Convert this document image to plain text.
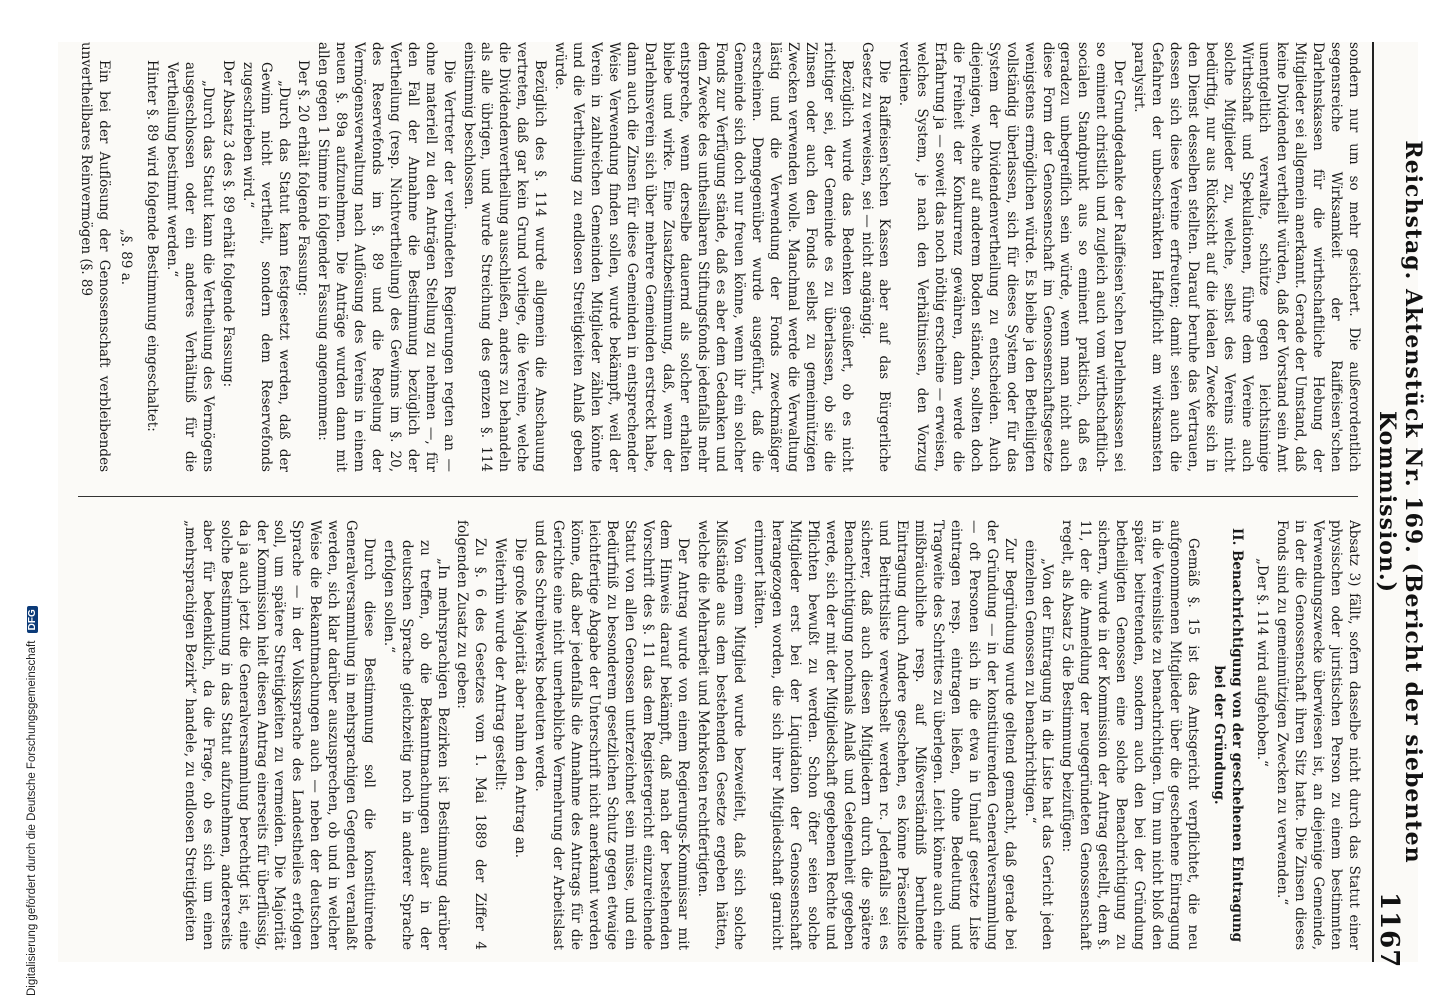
Digitalisierung gefördert durch die Deutsche Forschungsgemeinschaft DFG	Reichstag. Aktenstück Nr. 169. (Bericht der siebenten Kommission.)
1167

sondern nur um so mehr gesichert. Die außerordentlich segensreiche Wirksamkeit der Raiffeisen'schen Darlehnskassen für die wirthschaftliche Hebung der Mitglieder sei allgemein anerkannt. Gerade der Umstand, daß keine Dividenden vertheilt würden, daß der Vorstand sein Amt unentgeltlich verwalte, schütze gegen leichtsinnige Wirthschaft und Spekulationen, führe dem Vereine auch solche Mitglieder zu, welche, selbst des Vereins nicht bedürftig, nur aus Rücksicht auf die idealen Zwecke sich in den Dienst desselben stellten. Darauf beruhe das Vertrauen, dessen sich diese Vereine erfreuten; damit seien auch die Gefahren der unbeschränkten Haftpflicht am wirksamsten paralysirt.

Der Grundgedanke der Raiffeisen'schen Darlehnskassen sei so eminent christlich und zugleich auch vom wirthschaftlich-socialen Standpunkt aus so eminent praktisch, daß es geradezu unbegreiflich sein würde, wenn man nicht auch diese Form der Genossenschaft im Genossenschaftsgesetze wenigstens ermöglichen würde. Es bleibe ja den Betheiligten vollständig überlassen, sich für dieses System oder für das System der Dividendenvertheilung zu entscheiden. Auch diejenigen, welche auf anderem Boden ständen, sollten doch die Freiheit der Konkurrenz gewähren, dann werde die Erfahrung ja — soweit das noch nöthig erscheine — erweisen, welches System, je nach den Verhältnissen, den Vorzug verdiene.

Die Raiffeisen'schen Kassen aber auf das Bürgerliche Gesetz zu verweisen, sei — nicht angängig.

Bezüglich wurde das Bedenken geäußert, ob es nicht richtiger sei, der Gemeinde es zu überlassen, ob sie die Zinsen oder auch den Fonds selbst zu gemeinnützigen Zwecken verwenden wolle. Manchmal werde die Verwaltung lästig und die Verwendung der Fonds zweckmäßiger erscheinen. Demgegenüber wurde ausgeführt, daß die Gemeinde sich doch nur freuen könne, wenn ihr ein solcher Fonds zur Verfügung stände, daß es aber dem Gedanken und dem Zwecke des unthesilbaren Stiftungsfonds jedenfalls mehr entspreche, wenn derselbe dauernd als solcher erhalten bliebe und wirke. Eine Zusatzbestimmung, daß, wenn der Darlehnsverein sich über mehrere Gemeinden erstreckt habe, dann auch die Zinsen für diese Gemeinden in entsprechender Weise Verwendung finden sollen, wurde bekämpft, weil der Verein in zahlreichen Gemeinden Mitglieder zählen könnte und die Vertheilung zu endlosen Streitigkeiten Anlaß geben würde.

Bezüglich des §. 114 wurde allgemein die Anschauung vertreten, daß gar kein Grund vorliege, die Vereine, welche die Dividendenvertheilung ausschließen, anders zu behandeln als alle übrigen, und wurde Streichung des genzen §. 114 einstimmig beschlossen.

Die Vertreter der verbündeten Regierungen regten an — ohne materiell zu den Anträgen Stellung zu nehmen —, für den Fall der Annahme die Bestimmung bezüglich der Vertheilung (resp. Nichtvertheilung) des Gewinns im §. 20, des Reservefonds im §. 89 und die Regelung der Vermögensverwaltung nach Auflösung des Vereins in einem neuen §. 89a aufzunehmen. Die Anträge wurden dann mit allen gegen 1 Stimme in folgender Fassung angenommen:

Der §. 20 erhält folgende Fassung:

„Durch das Statut kann festgesetzt werden, daß der Gewinn nicht vertheilt, sondern dem Reservefonds zugeschrieben wird.“

Der Absatz 3 des §. 89 erhält folgende Fassung:

„Durch das Statut kann die Vertheilung des Vermögens ausgeschlossen oder ein anderes Verhältniß für die Vertheilung bestimmt werden.“

Hinter §. 89 wird folgende Bestimmung eingeschaltet:

„§. 89 a.

Ein bei der Auflösung der Genossenschaft verbleibendes unvertheilbares Reinvermögen (§. 89

Absatz 3) fällt, sofern dasselbe nicht durch das Statut einer physischen oder juristischen Person zu einem bestimmten Verwendungszwecke überwiesen ist, an diejenige Gemeinde, in der die Genossenschaft ihren Sitz hatte. Die Zinsen dieses Fonds sind zu gemeinnützigen Zwecken zu verwenden.“

„Der §. 114 wird aufgehoben.“

II. Benachrichtigung von der geschehenen Eintragung bei der Gründung.

Gemäß §. 15 ist das Amtsgericht verpflichtet, die neu aufgenommenen Mitglieder über die geschehene Eintragung in die Vereinsliste zu benachrichtigen. Um nun nicht bloß den später beitretenden, sondern auch den bei der Gründung betheiligten Genossen eine solche Benachrichtigung zu sichern, wurde in der Kommission der Antrag gestellt, dem §. 11, der die Anmeldung der neugegründeten Genossenschaft regelt, als Absatz 5 die Bestimmung beizufügen:

„Von der Eintragung in die Liste hat das Gericht jeden einzelnen Genossen zu benachrichtigen.“

Zur Begründung wurde geltend gemacht, daß gerade bei der Gründung — in der konstituirenden Generalversammlung — oft Personen sich in die etwa in Umlauf gesetzte Liste eintragen resp. eintragen ließen, ohne Bedeutung und Tragweite des Schrittes zu überlegen. Leicht könne auch eine mißbräuchliche resp. auf Mißverständniß beruhende Eintragung durch Andere geschehen, es könne Präsenzliste und Beitrittsliste verwechselt werden rc. Jedenfalls sei es sicherer, daß auch diesen Mitgliedern durch die spätere Benachrichtigung nochmals Anlaß und Gelegenheit gegeben werde, sich der mit der Mitgliedschaft gegebenen Rechte und Pflichten bewußt zu werden. Schon öfter seien solche Mitglieder erst bei der Liquidation der Genossenschaft herangezogen worden, die sich ihrer Mitgliedschaft garnicht erinnert hätten.

Von einem Mitglied wurde bezweifelt, daß sich solche Mißstände aus dem bestehenden Gesetze ergeben hätten, welche die Mehrarbeit und Mehrkosten rechtfertigten.

Der Antrag wurde von einem Regierungs-Kommissar mit dem Hinweis darauf bekämpft, daß nach der bestehenden Vorschrift des §. 11 das dem Registergericht einzureichende Statut von allen Genossen unterzeichnet sein müsse, und ein Bedürfniß zu besonderem gesetzlichen Schutz gegen etwaige leichtfertige Abgabe der Unterschrift nicht anerkannt werden könne, daß aber jedenfalls die Annahme des Antrags für die Gerichte eine nicht unerhebliche Vermehrung der Arbeitslast und des Schreibwerks bedeuten werde.

Die große Majorität aber nahm den Antrag an.

Weiterhin wurde der Antrag gestellt:

Zu §. 6 des Gesetzes vom 1. Mai 1889 der Ziffer 4 folgenden Zusatz zu geben:

„In mehrsprachigen Bezirken ist Bestimmung darüber zu treffen, ob die Bekanntmachungen außer in der deutschen Sprache gleichzeitig noch in anderer Sprache erfolgen sollen.“

Durch diese Bestimmung soll die konstituirende Generalversammlung in mehrsprachigen Gegenden veranlaßt werden, sich klar darüber auszusprechen, ob und in welcher Weise die Bekanntmachungen auch — neben der deutschen Sprache — in der Volkssprache des Landestheiles erfolgen soll, um spätere Streitigkeiten zu vermeiden. Die Majorität der Kommission hielt diesen Antrag einerseits für überflüssig, da ja auch jetzt die Generalversammlung berechtigt ist, eine solche Bestimmung in das Statut aufzunehmen, andererseits aber für bedenklich, da die Frage, ob es sich um einen „mehrsprachigen Bezirk“ handele, zu endlosen Streitigkeiten
